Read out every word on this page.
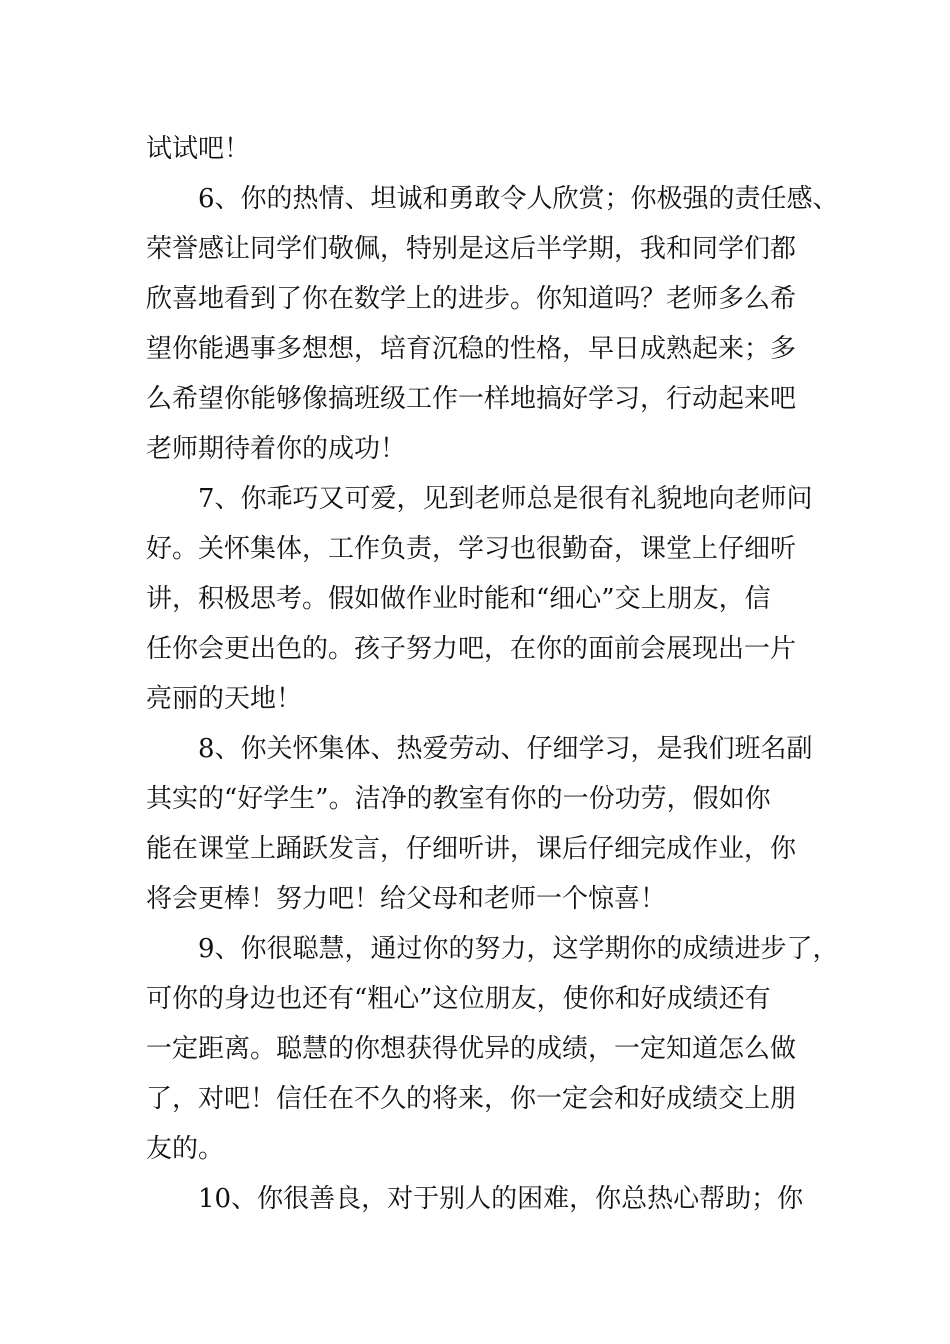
试试吧！
6、你的热情、坦诚和勇敢令人欣赏；你极强的责任感、
荣誉感让同学们敬佩，特别是这后半学期，我和同学们都
欣喜地看到了你在数学上的进步。你知道吗？老师多么希
望你能遇事多想想，培育沉稳的性格，早日成熟起来；多
么希望你能够像搞班级工作一样地搞好学习，行动起来吧
老师期待着你的成功！
7、你乖巧又可爱，见到老师总是很有礼貌地向老师问
好。关怀集体，工作负责，学习也很勤奋，课堂上仔细听
讲，积极思考。假如做作业时能和“细心”交上朋友，信
任你会更出色的。孩子努力吧，在你的面前会展现出一片
亮丽的天地！
8、你关怀集体、热爱劳动、仔细学习，是我们班名副
其实的“好学生”。洁净的教室有你的一份功劳，假如你
能在课堂上踊跃发言，仔细听讲，课后仔细完成作业，你
将会更棒！努力吧！给父母和老师一个惊喜！
9、你很聪慧，通过你的努力，这学期你的成绩进步了，
可你的身边也还有“粗心”这位朋友，使你和好成绩还有
一定距离。聪慧的你想获得优异的成绩，一定知道怎么做
了，对吧！信任在不久的将来，你一定会和好成绩交上朋
友的。
10、你很善良，对于别人的困难，你总热心帮助；你
